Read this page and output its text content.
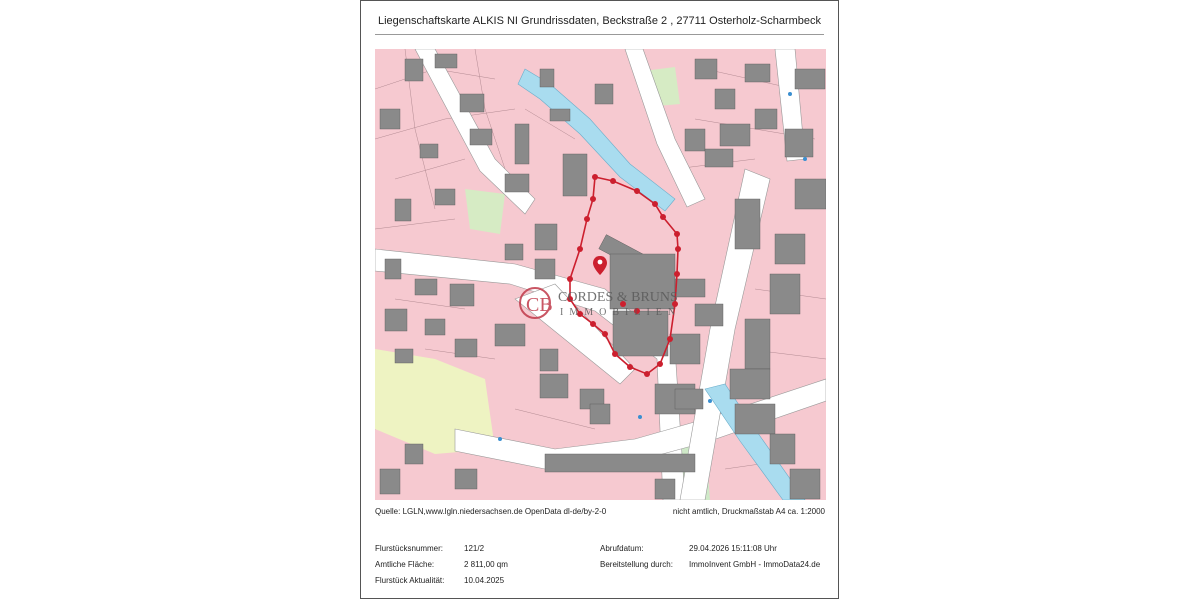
Liegenschaftskarte ALKIS NI Grundrissdaten, Beckstraße 2 , 27711 Osterholz-Scharmbeck
CB CORDES & BRUNS
IMMOBILIEN
Quelle: LGLN,www.lgln.niedersachsen.de OpenData dl-de/by-2-0	nicht amtlich, Druckmaßstab A4 ca. 1:2000
Flurstücksnummer:	121/2
Amtliche Fläche:	2 811,00 qm
Flurstück Aktualität: 10.04.2025
Abrufdatum:	29.04.2026 15:11:08 Uhr
Bereitstellung durch: ImmoInvent GmbH - ImmoData24.de
